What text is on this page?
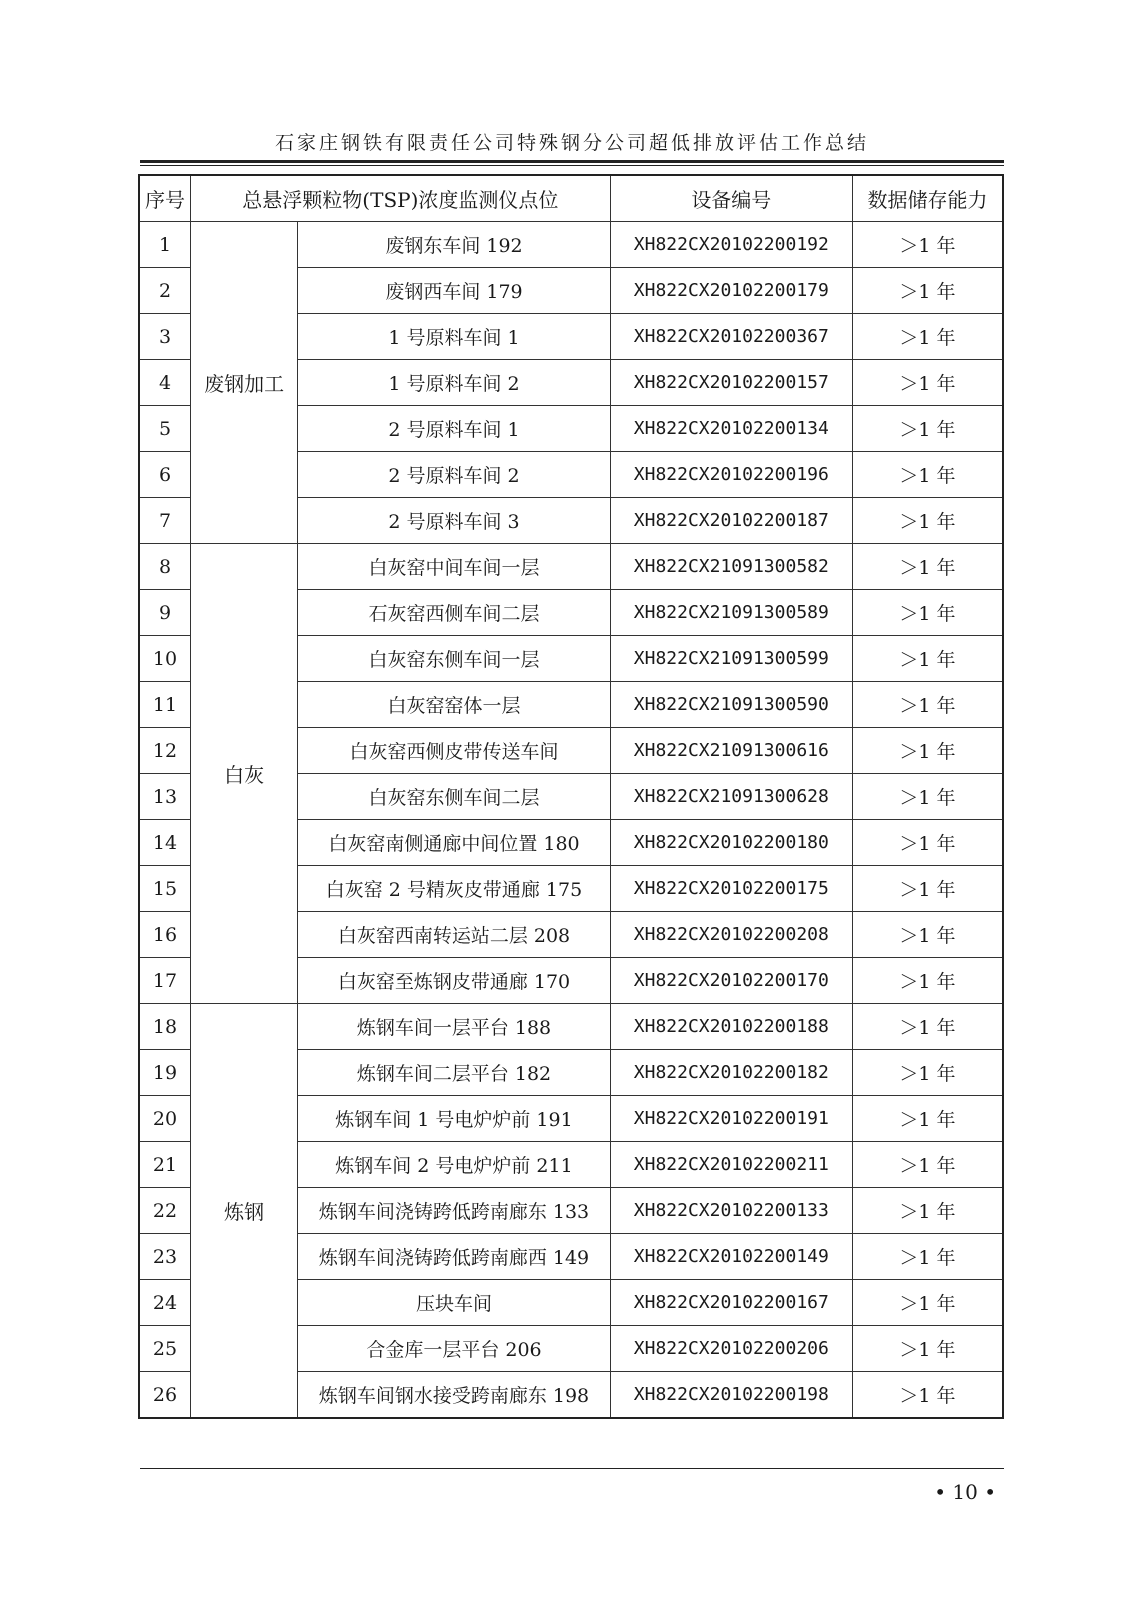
石家庄钢铁有限责任公司特殊钢分公司超低排放评估工作总结
序号	总悬浮颗粒物(TSP)浓度监测仪点位		设备编号	数据储存能力
1	废钢加工	废钢东车间 192	XH822CX20102200192	＞1 年
2		废钢西车间 179	XH822CX20102200179	＞1 年
3		1 号原料车间 1	XH822CX20102200367	＞1 年
4		1 号原料车间 2	XH822CX20102200157	＞1 年
5		2 号原料车间 1	XH822CX20102200134	＞1 年
6		2 号原料车间 2	XH822CX20102200196	＞1 年
7		2 号原料车间 3	XH822CX20102200187	＞1 年
8	白灰	白灰窑中间车间一层	XH822CX21091300582	＞1 年
9		石灰窑西侧车间二层	XH822CX21091300589	＞1 年
10		白灰窑东侧车间一层	XH822CX21091300599	＞1 年
11		白灰窑窑体一层	XH822CX21091300590	＞1 年
12		白灰窑西侧皮带传送车间	XH822CX21091300616	＞1 年
13		白灰窑东侧车间二层	XH822CX21091300628	＞1 年
14		白灰窑南侧通廊中间位置 180	XH822CX20102200180	＞1 年
15		白灰窑 2 号精灰皮带通廊 175	XH822CX20102200175	＞1 年
16		白灰窑西南转运站二层 208	XH822CX20102200208	＞1 年
17		白灰窑至炼钢皮带通廊 170	XH822CX20102200170	＞1 年
18	炼钢	炼钢车间一层平台 188	XH822CX20102200188	＞1 年
19		炼钢车间二层平台 182	XH822CX20102200182	＞1 年
20		炼钢车间 1 号电炉炉前 191	XH822CX20102200191	＞1 年
21		炼钢车间 2 号电炉炉前 211	XH822CX20102200211	＞1 年
22		炼钢车间浇铸跨低跨南廊东 133	XH822CX20102200133	＞1 年
23		炼钢车间浇铸跨低跨南廊西 149	XH822CX20102200149	＞1 年
24		压块车间	XH822CX20102200167	＞1 年
25		合金库一层平台 206	XH822CX20102200206	＞1 年
26		炼钢车间钢水接受跨南廊东 198	XH822CX20102200198	＞1 年
• 10 •
